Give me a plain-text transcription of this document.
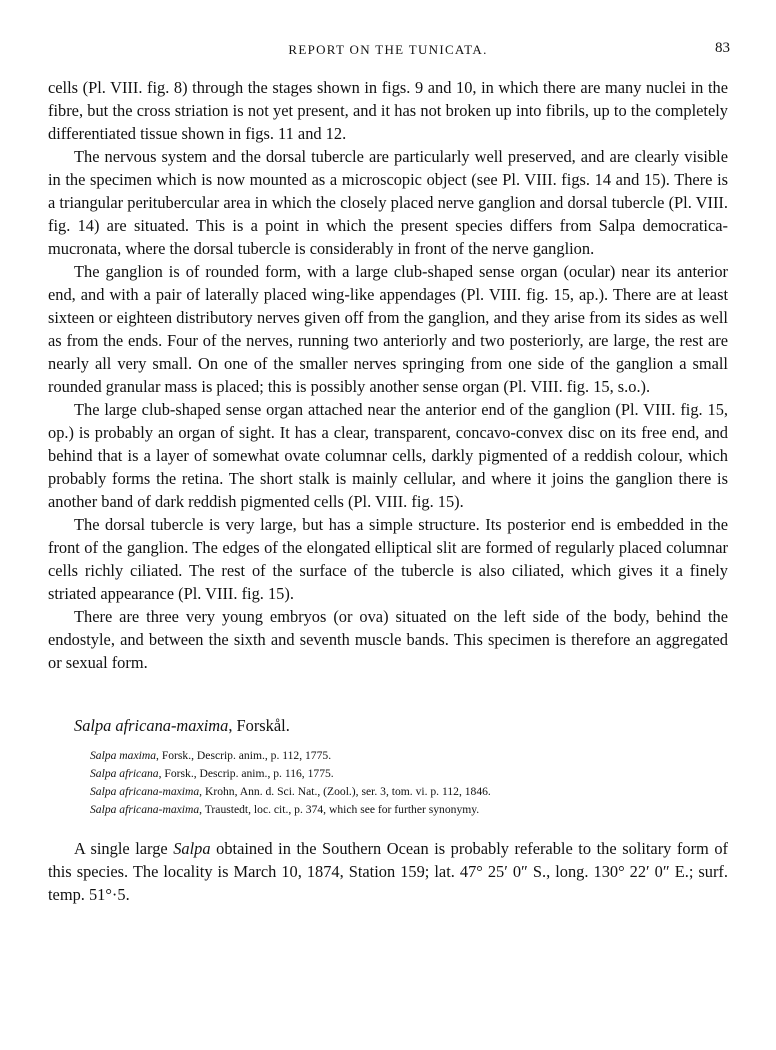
REPORT ON THE TUNICATA.	83

cells (Pl. VIII. fig. 8) through the stages shown in figs. 9 and 10, in which there are many nuclei in the fibre, but the cross striation is not yet present, and it has not broken up into fibrils, up to the completely differentiated tissue shown in figs. 11 and 12.

The nervous system and the dorsal tubercle are particularly well preserved, and are clearly visible in the specimen which is now mounted as a microscopic object (see Pl. VIII. figs. 14 and 15). There is a triangular peritubercular area in which the closely placed nerve ganglion and dorsal tubercle (Pl. VIII. fig. 14) are situated. This is a point in which the present species differs from Salpa democratica-mucronata, where the dorsal tubercle is considerably in front of the nerve ganglion.

The ganglion is of rounded form, with a large club-shaped sense organ (ocular) near its anterior end, and with a pair of laterally placed wing-like appendages (Pl. VIII. fig. 15, ap.). There are at least sixteen or eighteen distributory nerves given off from the ganglion, and they arise from its sides as well as from the ends. Four of the nerves, running two anteriorly and two posteriorly, are large, the rest are nearly all very small. On one of the smaller nerves springing from one side of the ganglion a small rounded granular mass is placed; this is possibly another sense organ (Pl. VIII. fig. 15, s.o.).

The large club-shaped sense organ attached near the anterior end of the ganglion (Pl. VIII. fig. 15, op.) is probably an organ of sight. It has a clear, transparent, concavo-convex disc on its free end, and behind that is a layer of somewhat ovate columnar cells, darkly pigmented of a reddish colour, which probably forms the retina. The short stalk is mainly cellular, and where it joins the ganglion there is another band of dark reddish pigmented cells (Pl. VIII. fig. 15).

The dorsal tubercle is very large, but has a simple structure. Its posterior end is embedded in the front of the ganglion. The edges of the elongated elliptical slit are formed of regularly placed columnar cells richly ciliated. The rest of the surface of the tubercle is also ciliated, which gives it a finely striated appearance (Pl. VIII. fig. 15).

There are three very young embryos (or ova) situated on the left side of the body, behind the endostyle, and between the sixth and seventh muscle bands. This specimen is therefore an aggregated or sexual form.

Salpa africana-maxima, Forskål.
Salpa maxima, Forsk., Descrip. anim., p. 112, 1775.
Salpa africana, Forsk., Descrip. anim., p. 116, 1775.
Salpa africana-maxima, Krohn, Ann. d. Sci. Nat., (Zool.), ser. 3, tom. vi. p. 112, 1846.
Salpa africana-maxima, Traustedt, loc. cit., p. 374, which see for further synonymy.

A single large Salpa obtained in the Southern Ocean is probably referable to the solitary form of this species. The locality is March 10, 1874, Station 159; lat. 47° 25′ 0″ S., long. 130° 22′ 0″ E.; surf. temp. 51°·5.
